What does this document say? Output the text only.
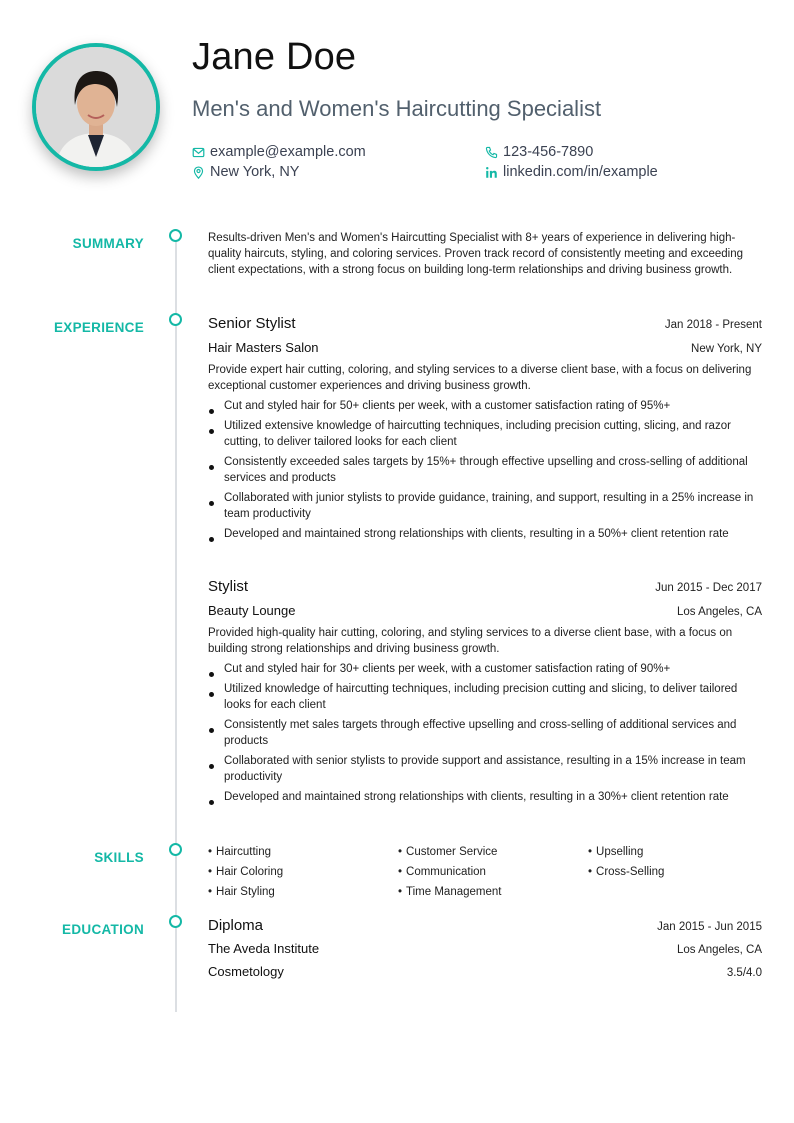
Jane Doe
Men's and Women's Haircutting Specialist
example@example.com	123-456-7890
New York, NY	linkedin.com/in/example
SUMMARY
EXPERIENCE
SKILLS
EDUCATION
Results-driven Men's and Women's Haircutting Specialist with 8+ years of experience in delivering high-quality haircuts, styling, and coloring services. Proven track record of consistently meeting and exceeding client expectations, with a strong focus on building long-term relationships and driving business growth.
Senior Stylist	Jan 2018 - Present
Hair Masters Salon	New York, NY
Provide expert hair cutting, coloring, and styling services to a diverse client base, with a focus on delivering exceptional customer experiences and driving business growth.
Cut and styled hair for 50+ clients per week, with a customer satisfaction rating of 95%+
Utilized extensive knowledge of haircutting techniques, including precision cutting, slicing, and razor cutting, to deliver tailored looks for each client
Consistently exceeded sales targets by 15%+ through effective upselling and cross-selling of additional services and products
Collaborated with junior stylists to provide guidance, training, and support, resulting in a 25% increase in team productivity
Developed and maintained strong relationships with clients, resulting in a 50%+ client retention rate
Stylist	Jun 2015 - Dec 2017
Beauty Lounge	Los Angeles, CA
Provided high-quality hair cutting, coloring, and styling services to a diverse client base, with a focus on building strong relationships and driving business growth.
Cut and styled hair for 30+ clients per week, with a customer satisfaction rating of 90%+
Utilized knowledge of haircutting techniques, including precision cutting and slicing, to deliver tailored looks for each client
Consistently met sales targets through effective upselling and cross-selling of additional services and products
Collaborated with senior stylists to provide support and assistance, resulting in a 15% increase in team productivity
Developed and maintained strong relationships with clients, resulting in a 30%+ client retention rate
• Haircutting	• Customer Service	• Upselling
• Hair Coloring	• Communication	• Cross-Selling
• Hair Styling	• Time Management
Diploma	Jan 2015 - Jun 2015
The Aveda Institute	Los Angeles, CA
Cosmetology	3.5/4.0
